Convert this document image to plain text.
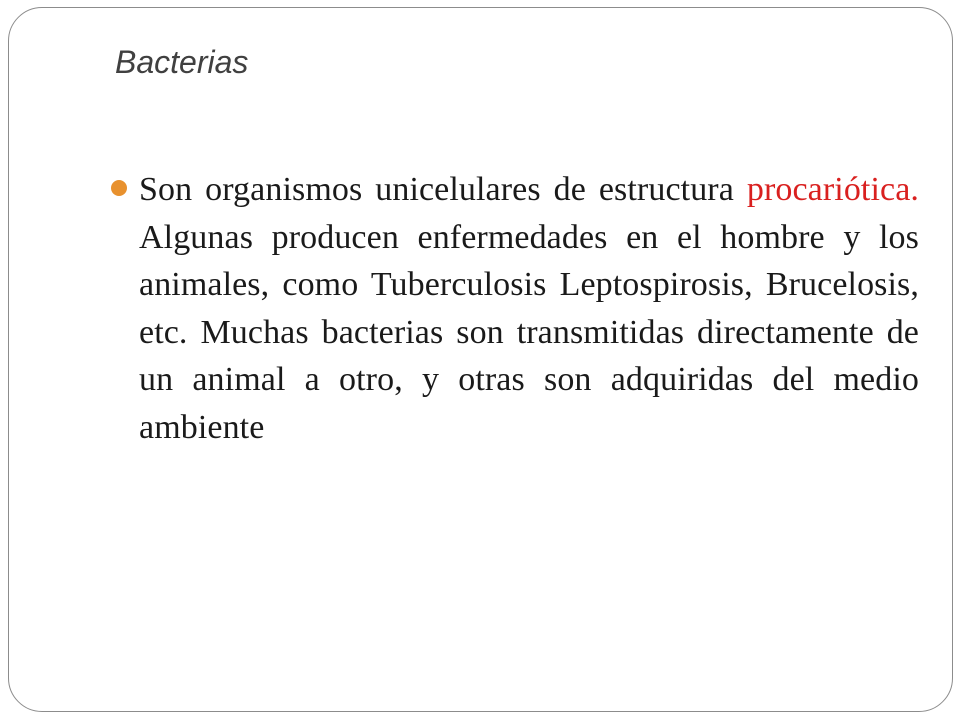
Bacterias

Son organismos unicelulares de estructura procariótica. Algunas producen enfermedades en el hombre y los animales, como Tuberculosis Leptospirosis, Brucelosis, etc. Muchas bacterias son transmitidas directamente de un animal a otro, y otras son adquiridas del medio ambiente
